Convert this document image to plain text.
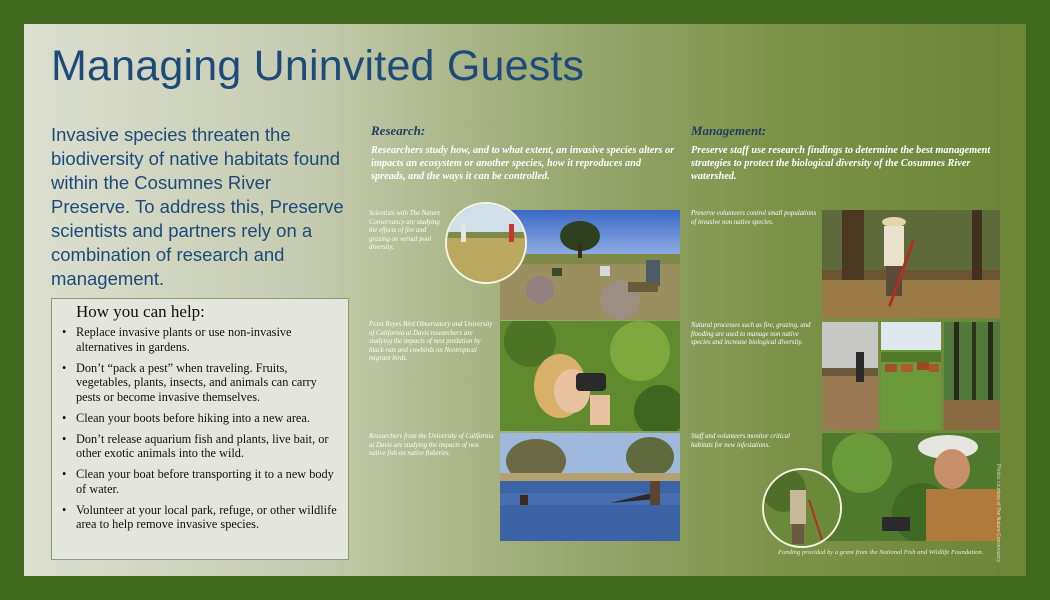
Managing Uninvited Guests
Invasive species threaten the biodiversity of native habitats found within the Cosumnes River Preserve. To address this, Preserve scientists and partners rely on a combination of research and management.
How you can help:
• Replace invasive plants or use non-invasive alternatives in gardens.
• Don’t “pack a pest” when traveling. Fruits, vegetables, plants, insects, and animals can carry pests or become invasive themselves.
• Clean your boots before hiking into a new area.
• Don’t release aquarium fish and plants, live bait, or other exotic animals into the wild.
• Clean your boat before transporting it to a new body of water.
• Volunteer at your local park, refuge, or other wildlife area to help remove invasive species.
Research:
Researchers study how, and to what extent, an invasive species alters or impacts an ecosystem or another species, how it reproduces and spreads, and the ways it can be controlled.
Scientists with The Nature Conservancy are studying the effects of fire and grazing on vernal pool diversity.
Point Reyes Bird Observatory and University of California at Davis researchers are studying the impacts of nest predation by black rats and cowbirds on Neotropical migrant birds.
Researchers from the University of California at Davis are studying the impacts of non native fish on native fisheries.
Management:
Preserve staff use research findings to determine the best management strategies to protect the biological diversity of the Cosumnes River watershed.
Preserve volunteers control small populations of invasive non native species.
Natural processes such as fire, grazing, and flooding are used to manage non native species and increase biological diversity.
Staff and volunteers monitor critical habitats for new infestations.
Funding provided by a grant from the National Fish and Wildlife Foundation. Photos courtesy of The Nature Conservancy
